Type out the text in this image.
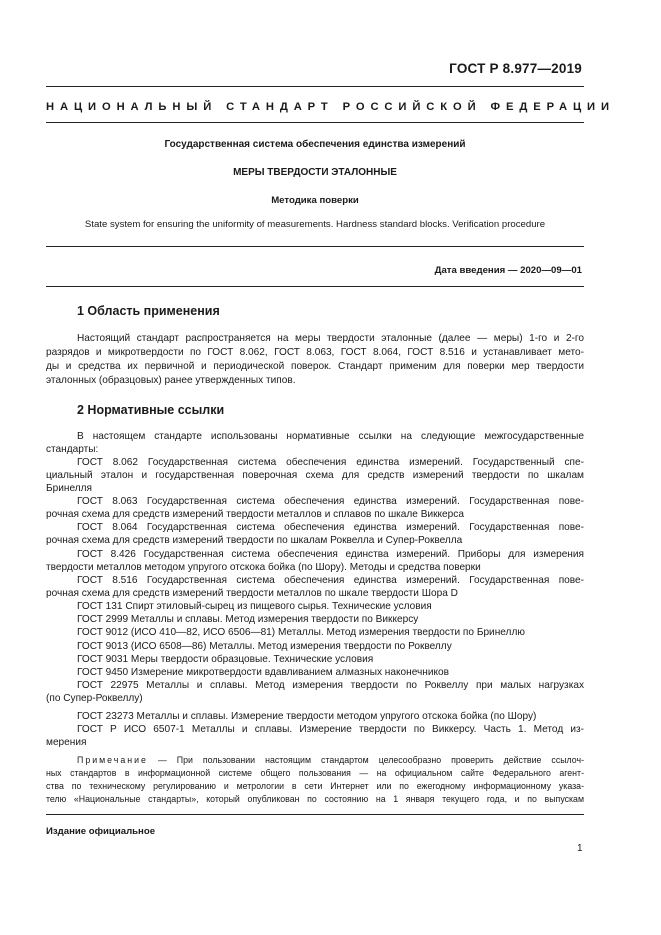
ГОСТ Р 8.977—2019
НАЦИОНАЛЬНЫЙ СТАНДАРТ РОССИЙСКОЙ ФЕДЕРАЦИИ
Государственная система обеспечения единства измерений
МЕРЫ ТВЕРДОСТИ ЭТАЛОННЫЕ
Методика поверки
State system for ensuring the uniformity of measurements. Hardness standard blocks. Verification procedure
Дата введения — 2020—09—01
1 Область применения
Настоящий стандарт распространяется на меры твердости эталонные (далее — меры) 1-го и 2-го
разрядов и микротвердости по ГОСТ 8.062, ГОСТ 8.063, ГОСТ 8.064, ГОСТ 8.516 и устанавливает мето-
ды и средства их первичной и периодической поверок. Стандарт применим для поверки мер твердости
эталонных (образцовых) ранее утвержденных типов.
2 Нормативные ссылки
В настоящем стандарте использованы нормативные ссылки на следующие межгосударственные
стандарты:
ГОСТ 8.062 Государственная система обеспечения единства измерений. Государственный спе-
циальный эталон и государственная поверочная схема для средств измерений твердости по шкалам
Бринелля
ГОСТ 8.063 Государственная система обеспечения единства измерений. Государственная пове-
рочная схема для средств измерений твердости металлов и сплавов по шкале Виккерса
ГОСТ 8.064 Государственная система обеспечения единства измерений. Государственная пове-
рочная схема для средств измерений твердости по шкалам Роквелла и Супер-Роквелла
ГОСТ 8.426 Государственная система обеспечения единства измерений. Приборы для измерения
твердости металлов методом упругого отскока бойка (по Шору). Методы и средства поверки
ГОСТ 8.516 Государственная система обеспечения единства измерений. Государственная пове-
рочная схема для средств измерений твердости металлов по шкале твердости Шора D
ГОСТ 131 Спирт этиловый-сырец из пищевого сырья. Технические условия
ГОСТ 2999 Металлы и сплавы. Метод измерения твердости по Виккерсу
ГОСТ 9012 (ИСО 410—82, ИСО 6506—81) Металлы. Метод измерения твердости по Бринеллю
ГОСТ 9013 (ИСО 6508—86) Металлы. Метод измерения твердости по Роквеллу
ГОСТ 9031 Меры твердости образцовые. Технические условия
ГОСТ 9450 Измерение микротвердости вдавливанием алмазных наконечников
ГОСТ 22975 Металлы и сплавы. Метод измерения твердости по Роквеллу при малых нагрузках
(по Супер-Роквеллу)
ГОСТ 23273 Металлы и сплавы. Измерение твердости методом упругого отскока бойка (по Шору)
ГОСТ Р ИСО 6507-1 Металлы и сплавы. Измерение твердости по Виккерсу. Часть 1. Метод из-
мерения
Примечание — При пользовании настоящим стандартом целесообразно проверить действие ссылоч-
ных стандартов в информационной системе общего пользования — на официальном сайте Федерального агент-
ства по техническому регулированию и метрологии в сети Интернет или по ежегодному информационному указа-
телю «Национальные стандарты», который опубликован по состоянию на 1 января текущего года, и по выпускам
Издание официальное
1
